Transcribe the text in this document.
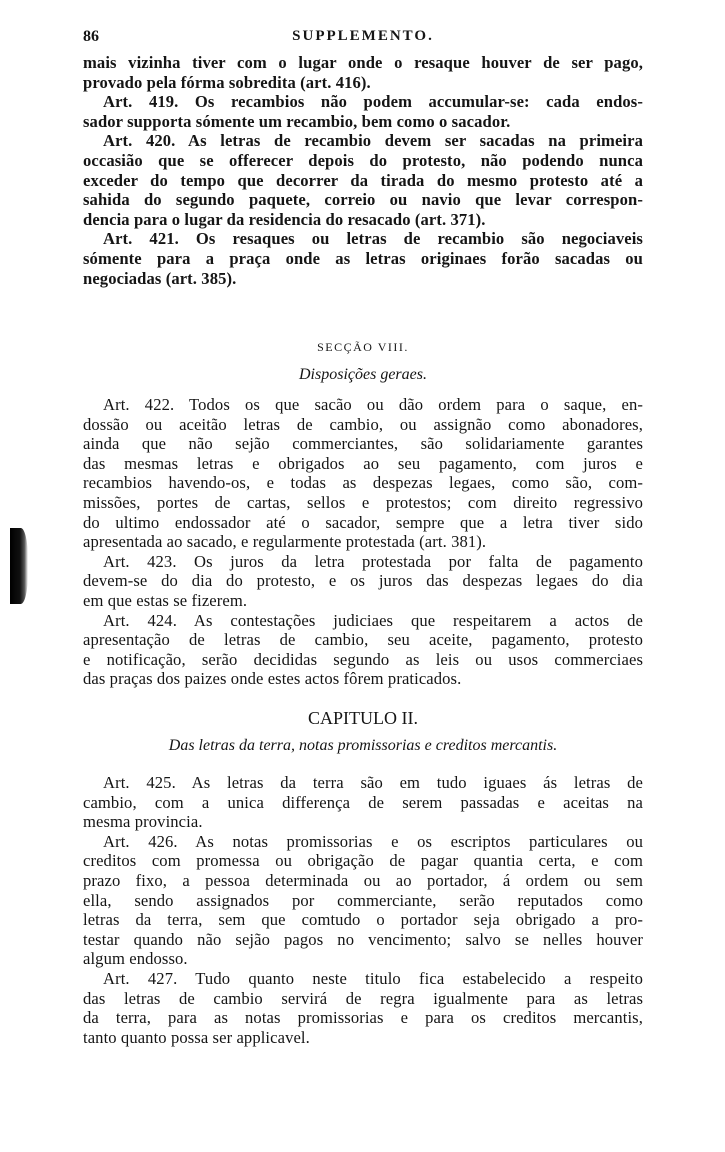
86	SUPPLEMENTO.
mais vizinha tiver com o lugar onde o resaque houver de ser pago,
provado pela fórma sobredita (art. 416).
Art. 419. Os recambios não podem accumular-se: cada endos-
sador supporta sómente um recambio, bem como o sacador.
Art. 420. As letras de recambio devem ser sacadas na primeira
occasião que se offerecer depois do protesto, não podendo nunca
exceder do tempo que decorrer da tirada do mesmo protesto até a
sahida do segundo paquete, correio ou navio que levar correspon-
dencia para o lugar da residencia do resacado (art. 371).
Art. 421. Os resaques ou letras de recambio são negociaveis
sómente para a praça onde as letras originaes forão sacadas ou
negociadas (art. 385).
SECÇÃO VIII.
Disposições geraes.
Art. 422. Todos os que sacão ou dão ordem para o saque, en-
dossão ou aceitão letras de cambio, ou assignão como abonadores,
ainda que não sejão commerciantes, são solidariamente garantes
das mesmas letras e obrigados ao seu pagamento, com juros e
recambios havendo-os, e todas as despezas legaes, como são, com-
missões, portes de cartas, sellos e protestos; com direito regressivo
do ultimo endossador até o sacador, sempre que a letra tiver sido
apresentada ao sacado, e regularmente protestada (art. 381).
Art. 423. Os juros da letra protestada por falta de pagamento
devem-se do dia do protesto, e os juros das despezas legaes do dia
em que estas se fizerem.
Art. 424. As contestações judiciaes que respeitarem a actos de
apresentação de letras de cambio, seu aceite, pagamento, protesto
e notificação, serão decididas segundo as leis ou usos commerciaes
das praças dos paizes onde estes actos fôrem praticados.
CAPITULO II.
Das letras da terra, notas promissorias e creditos mercantis.
Art. 425. As letras da terra são em tudo iguaes ás letras de
cambio, com a unica differença de serem passadas e aceitas na
mesma provincia.
Art. 426. As notas promissorias e os escriptos particulares ou
creditos com promessa ou obrigação de pagar quantia certa, e com
prazo fixo, a pessoa determinada ou ao portador, á ordem ou sem
ella, sendo assignados por commerciante, serão reputados como
letras da terra, sem que comtudo o portador seja obrigado a pro-
testar quando não sejão pagos no vencimento; salvo se nelles houver
algum endosso.
Art. 427. Tudo quanto neste titulo fica estabelecido a respeito
das letras de cambio servirá de regra igualmente para as letras
da terra, para as notas promissorias e para os creditos mercantis,
tanto quanto possa ser applicavel.
